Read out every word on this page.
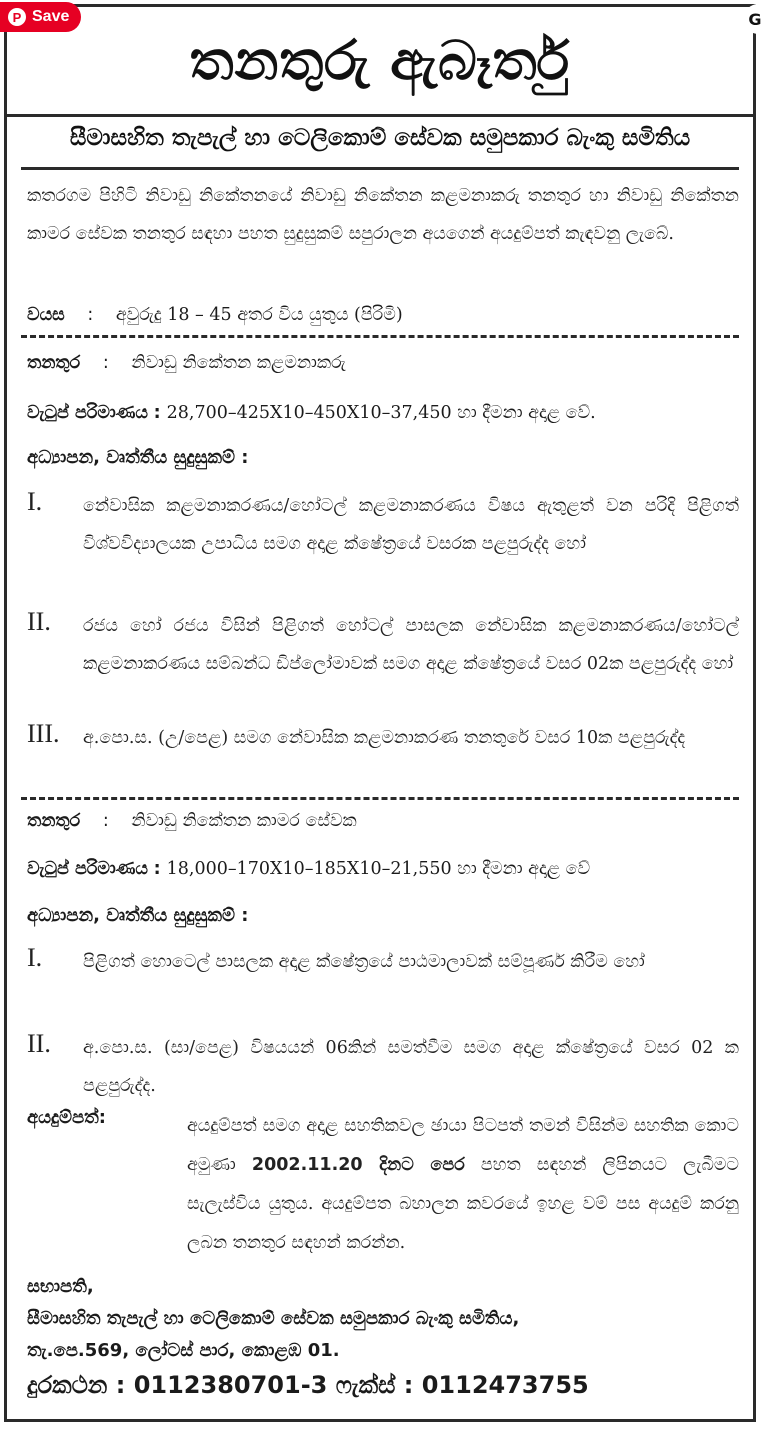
තනතුරු ඇබෑර්තු
සීමාසහිත තැපැල් හා ටෙලිකොම් සේවක සමුපකාර බැංකු සමිතිය
කතරගම පිහිටි නිවාඩු නිකේතනයේ නිවාඩු නිකේතන කළමනාකරු තනතුර හා නිවාඩු නිකේතන කාමර සේවක තනතුර සඳහා පහත සුදුසුකම් සපුරාලන අයගෙන් අයදුම්පත් කැඳවනු ලැබේ.
වයස : අවුරුදු 18 – 45 අතර විය යුතුය (පිරිමි)
තනතුර : නිවාඩු නිකේතන කළමනාකරු
වැටුප් පරිමාණය : 28,700–425X10–450X10–37,450 හා දීමනා අදාළ වේ.
අධ්‍යාපන, වෘත්තීය සුදුසුකම් :
I. නේවාසික කළමනාකරණය/හෝටල් කළමනාකරණය විෂය ඇතුළත් වන පරිදි පිළිගත් විශ්වවිද්‍යාලයක උපාධිය සමග අදාළ ක්ෂේත්‍රයේ වසරක පළපුරුද්ද හෝ
II. රජය හෝ රජය විසින් පිළිගත් හෝටල් පාසලක නේවාසික කළමනාකරණය/හෝටල් කළමනාකරණය සම්බන්ධ ඩිප්ලෝමාවක් සමග අදාළ ක්ෂේත්‍රයේ වසර 02ක පළපුරුද්ද හෝ
III. අ.පො.ස. (උ/පෙළ) සමග නේවාසික කළමනාකරණ තනතුරේ වසර 10ක පළපුරුද්ද
තනතුර : නිවාඩු නිකේතන කාමර සේවක
වැටුප් පරිමාණය : 18,000–170X10–185X10–21,550 හා දීමනා අදාළ වේ
අධ්‍යාපන, වෘත්තීය සුදුසුකම් :
I. පිළිගත් හොටෙල් පාසලක අදාළ ක්ෂේත්‍රයේ පාඨමාලාවක් සම්පූර්ණ කිරීම හෝ
II. අ.පො.ස. (සා/පෙළ) විෂයයන් 06කින් සමත්වීම සමග අදාළ ක්ෂේත්‍රයේ වසර 02 ක පළපුරුද්ද.
අයදුම්පත්:	අයදුම්පත් සමග අදාළ සහතිකවල ඡායා පිටපත් තමන් විසින්ම සහතික කොට අමුණා 2002.11.20 දිනට පෙර පහත සඳහන් ලිපිනයට ලැබීමට සැලැස්විය යුතුය. අයදුම්පත බහාලන කවරයේ ඉහළ වම් පස අයදුම් කරනු ලබන තනතුර සඳහන් කරන්න.
සභාපති,
සීමාසහිත තැපැල් හා ටෙලිකොම් සේවක සමුපකාර බැංකු සමිතිය,
තැ.පෙ.569, ලෝටස් පාර, කොළඹ 01.
දුරකථන : 0112380701-3 ෆැක්ස් : 0112473755
P Save	G
